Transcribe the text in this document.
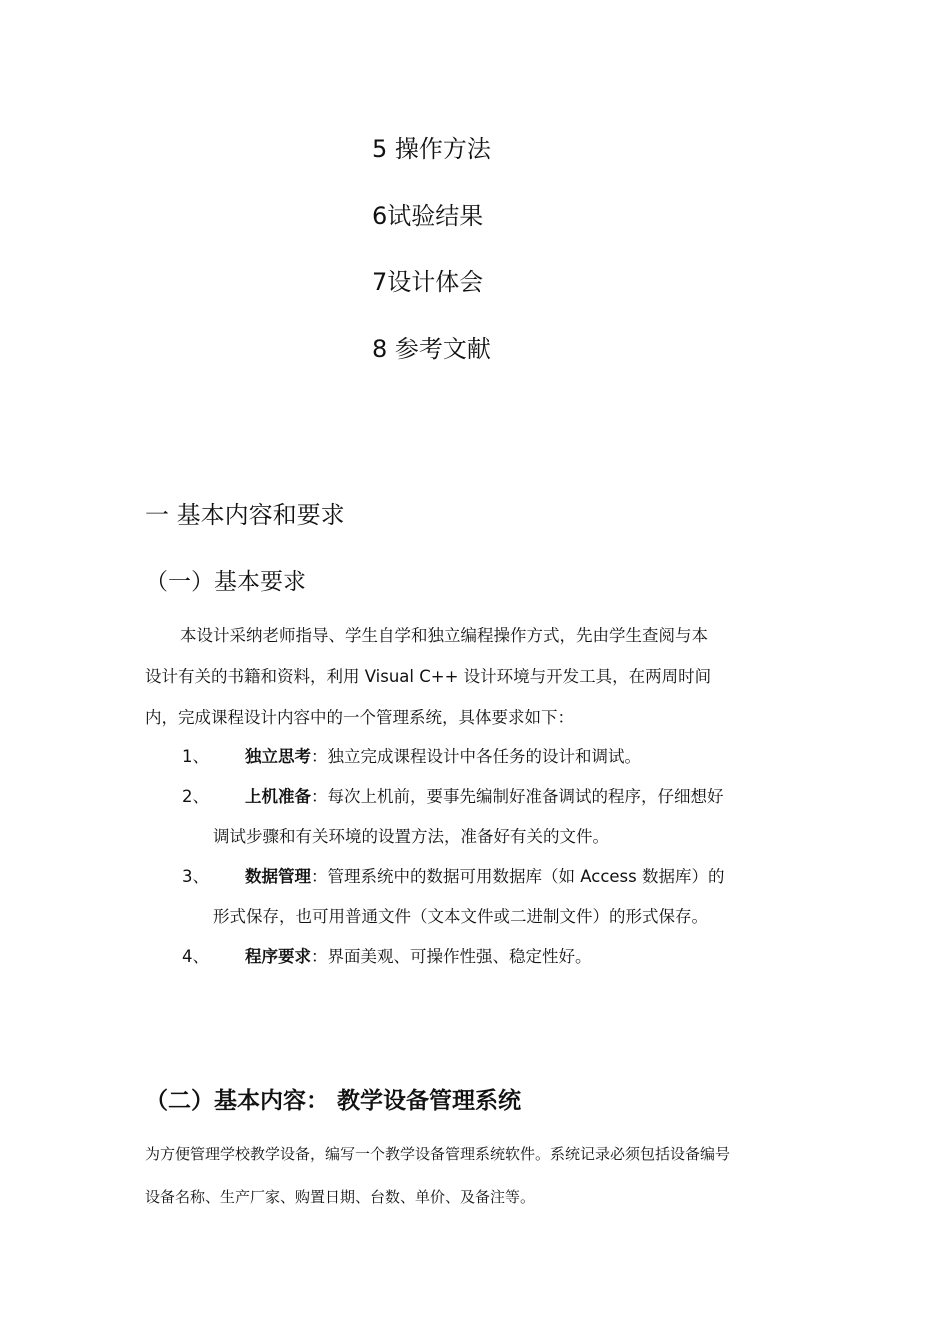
5 操作方法
6试验结果
7设计体会
8 参考文献
一 基本内容和要求
（一）基本要求
本设计采纳老师指导、学生自学和独立编程操作方式，先由学生查阅与本
设计有关的书籍和资料，利用 Visual C++ 设计环境与开发工具，在两周时间
内，完成课程设计内容中的一个管理系统，具体要求如下：
1、 独立思考：独立完成课程设计中各任务的设计和调试。
2、 上机准备：每次上机前，要事先编制好准备调试的程序，仔细想好
调试步骤和有关环境的设置方法，准备好有关的文件。
3、 数据管理：管理系统中的数据可用数据库（如 Access 数据库）的
形式保存，也可用普通文件（文本文件或二进制文件）的形式保存。
4、 程序要求：界面美观、可操作性强、稳定性好。
（二）基本内容： 教学设备管理系统
为方便管理学校教学设备，编写一个教学设备管理系统软件。系统记录必须包括设备编号
设备名称、生产厂家、购置日期、台数、单价、及备注等。
